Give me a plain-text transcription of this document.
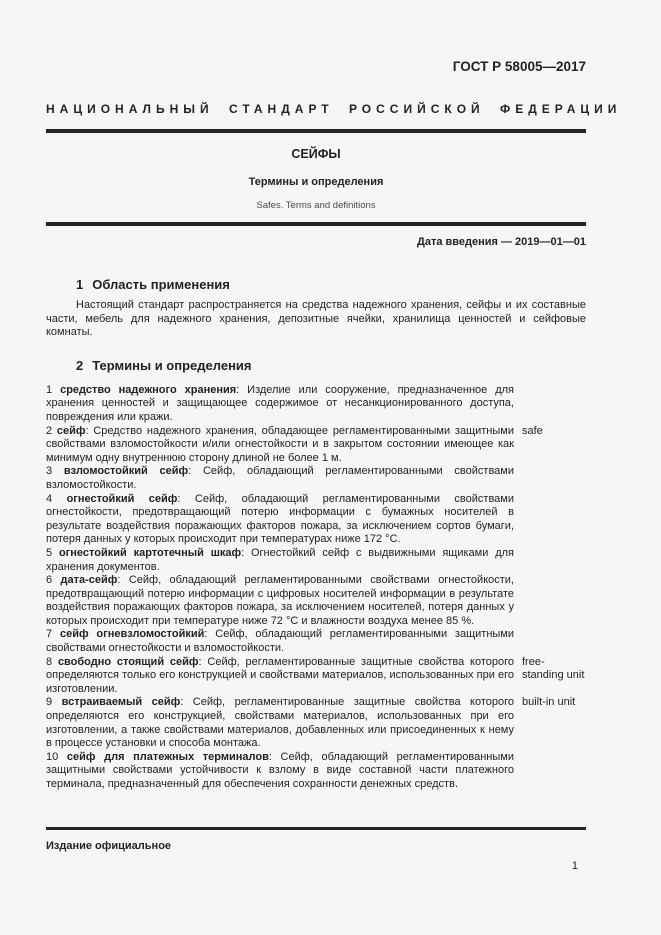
ГОСТ Р 58005—2017
НАЦИОНАЛЬНЫЙ СТАНДАРТ РОССИЙСКОЙ ФЕДЕРАЦИИ
СЕЙФЫ
Термины и определения
Safes. Terms and definitions
Дата введения — 2019—01—01
1 Область применения

Настоящий стандарт распространяется на средства надежного хранения, сейфы и их составные части, мебель для надежного хранения, депозитные ячейки, хранилища ценностей и сейфовые комнаты.

2 Термины и определения

1 средство надежного хранения: Изделие или сооружение, предназначенное для хранения ценностей и защищающее содержимое от несанкционированного доступа, повреждения или кражи.

2 сейф: Средство надежного хранения, обладающее регламентированными защитными свойствами взломостойкости и/или огнестойкости и в закрытом состоянии имеющее как минимум одну внутреннюю сторону длиной не более 1 м.

safe

3 взломостойкий сейф: Сейф, обладающий регламентированными свойствами взломостойкости.

4 огнестойкий сейф: Сейф, обладающий регламентированными свойствами огнестойкости, предотвращающий потерю информации с бумажных носителей в результате воздействия поражающих факторов пожара, за исключением сортов бумаги, потеря данных у которых происходит при температурах ниже 172 °С.

5 огнестойкий картотечный шкаф: Огнестойкий сейф с выдвижными ящиками для хранения документов.

6 дата-сейф: Сейф, обладающий регламентированными свойствами огнестойкости, предотвращающий потерю информации с цифровых носителей информации в результате воздействия поражающих факторов пожара, за исключением носителей, потеря данных у которых происходит при температуре ниже 72 °С и влажности воздуха менее 85 %.

7 сейф огневзломостойкий: Сейф, обладающий регламентированными защитными свойствами огнестойкости и взломостойкости.

8 свободно стоящий сейф: Сейф, регламентированные защитные свойства которого определяются только его конструкцией и свойствами материалов, использованных при его изготовлении.

free-standing unit

9 встраиваемый сейф: Сейф, регламентированные защитные свойства которого определяются его конструкцией, свойствами материалов, использованных при его изготовлении, а также свойствами материалов, добавленных или присоединенных к нему в процессе установки и способа монтажа.

built-in unit

10 сейф для платежных терминалов: Сейф, обладающий регламентированными защитными свойствами устойчивости к взлому в виде составной части платежного терминала, предназначенный для обеспечения сохранности денежных средств.

Издание официальное
1
